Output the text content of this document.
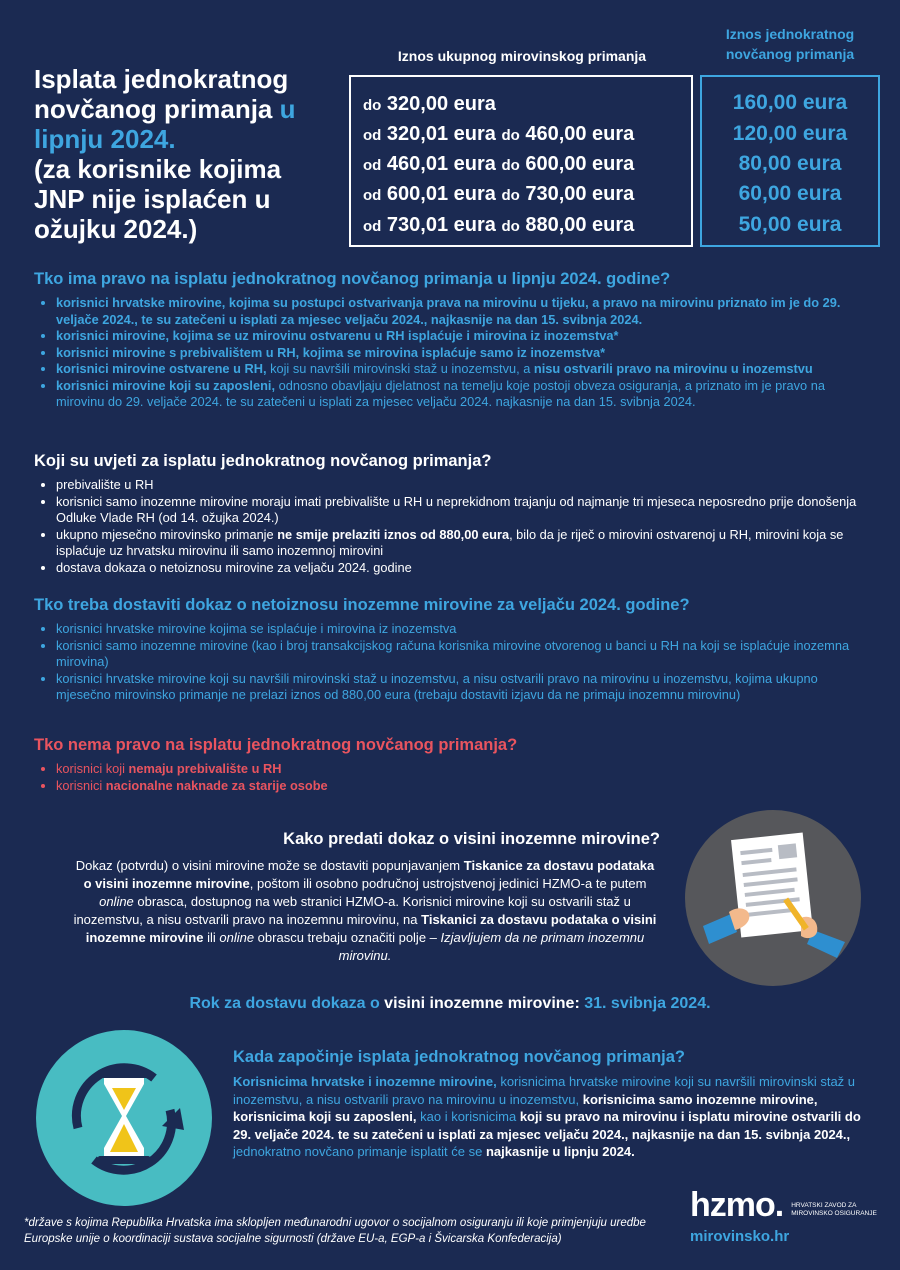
Isplata jednokratnog novčanog primanja u lipnju 2024.
(za korisnike kojima JNP nije isplaćen u ožujku 2024.)
Iznos ukupnog mirovinskog primanja
Iznos jednokratnog novčanog primanja
do 320,00 eura
od 320,01 eura do 460,00 eura
od 460,01 eura do 600,00 eura
od 600,01 eura do 730,00 eura
od 730,01 eura do 880,00 eura
160,00 eura
120,00 eura
80,00 eura
60,00 eura
50,00 eura
Tko ima pravo na isplatu jednokratnog novčanog primanja u lipnju 2024. godine?
• korisnici hrvatske mirovine, kojima su postupci ostvarivanja prava na mirovinu u tijeku, a pravo na mirovinu priznato im je do 29. veljače 2024., te su zatečeni u isplati za mjesec veljaču 2024., najkasnije na dan 15. svibnja 2024.
• korisnici mirovine, kojima se uz mirovinu ostvarenu u RH isplaćuje i mirovina iz inozemstva*
• korisnici mirovine s prebivalištem u RH, kojima se mirovina isplaćuje samo iz inozemstva*
• korisnici mirovine ostvarene u RH, koji su navršili mirovinski staž u inozemstvu, a nisu ostvarili pravo na mirovinu u inozemstvu
• korisnici mirovine koji su zaposleni, odnosno obavljaju djelatnost na temelju koje postoji obveza osiguranja, a priznato im je pravo na mirovinu do 29. veljače 2024. te su zatečeni u isplati za mjesec veljaču 2024. najkasnije na dan 15. svibnja 2024.
Koji su uvjeti za isplatu jednokratnog novčanog primanja?
• prebivalište u RH
• korisnici samo inozemne mirovine moraju imati prebivalište u RH u neprekidnom trajanju od najmanje tri mjeseca neposredno prije donošenja Odluke Vlade RH (od 14. ožujka 2024.)
• ukupno mjesečno mirovinsko primanje ne smije prelaziti iznos od 880,00 eura, bilo da je riječ o mirovini ostvarenoj u RH, mirovini koja se isplaćuje uz hrvatsku mirovinu ili samo inozemnoj mirovini
• dostava dokaza o netoiznosu mirovine za veljaču 2024. godine
Tko treba dostaviti dokaz o netoiznosu inozemne mirovine za veljaču 2024. godine?
• korisnici hrvatske mirovine kojima se isplaćuje i mirovina iz inozemstva
• korisnici samo inozemne mirovine (kao i broj transakcijskog računa korisnika mirovine otvorenog u banci u RH na koji se isplaćuje inozemna mirovina)
• korisnici hrvatske mirovine koji su navršili mirovinski staž u inozemstvu, a nisu ostvarili pravo na mirovinu u inozemstvu, kojima ukupno mjesečno mirovinsko primanje ne prelazi iznos od 880,00 eura (trebaju dostaviti izjavu da ne primaju inozemnu mirovinu)
Tko nema pravo na isplatu jednokratnog novčanog primanja?
• korisnici koji nemaju prebivalište u RH
• korisnici nacionalne naknade za starije osobe
Kako predati dokaz o visini inozemne mirovine?

Dokaz (potvrdu) o visini mirovine može se dostaviti popunjavanjem Tiskanice za dostavu podataka o visini inozemne mirovine, poštom ili osobno područnoj ustrojstvenoj jedinici HZMO-a te putem online obrasca, dostupnog na web stranici HZMO-a. Korisnici mirovine koji su ostvarili staž u inozemstvu, a nisu ostvarili pravo na inozemnu mirovinu, na Tiskanici za dostavu podataka o visini inozemne mirovine ili online obrascu trebaju označiti polje – Izjavljujem da ne primam inozemnu mirovinu.

Rok za dostavu dokaza o visini inozemne mirovine: 31. svibnja 2024.
Kada započinje isplata jednokratnog novčanog primanja?

Korisnicima hrvatske i inozemne mirovine, korisnicima hrvatske mirovine koji su navršili mirovinski staž u inozemstvu, a nisu ostvarili pravo na mirovinu u inozemstvu, korisnicima samo inozemne mirovine, korisnicima koji su zaposleni, kao i korisnicima koji su pravo na mirovinu i isplatu mirovine ostvarili do 29. veljače 2024. te su zatečeni u isplati za mjesec veljaču 2024., najkasnije na dan 15. svibnja 2024., jednokratno novčano primanje isplatit će se najkasnije u lipnju 2024.

*države s kojima Republika Hrvatska ima sklopljen međunarodni ugovor o socijalnom osiguranju ili koje primjenjuju uredbe Europske unije o koordinaciji sustava socijalne sigurnosti (države EU-a, EGP-a i Švicarska Konfederacija)
hzmo. HRVATSKI ZAVOD ZA
MIROVINSKO OSIGURANJE
mirovinsko.hr
